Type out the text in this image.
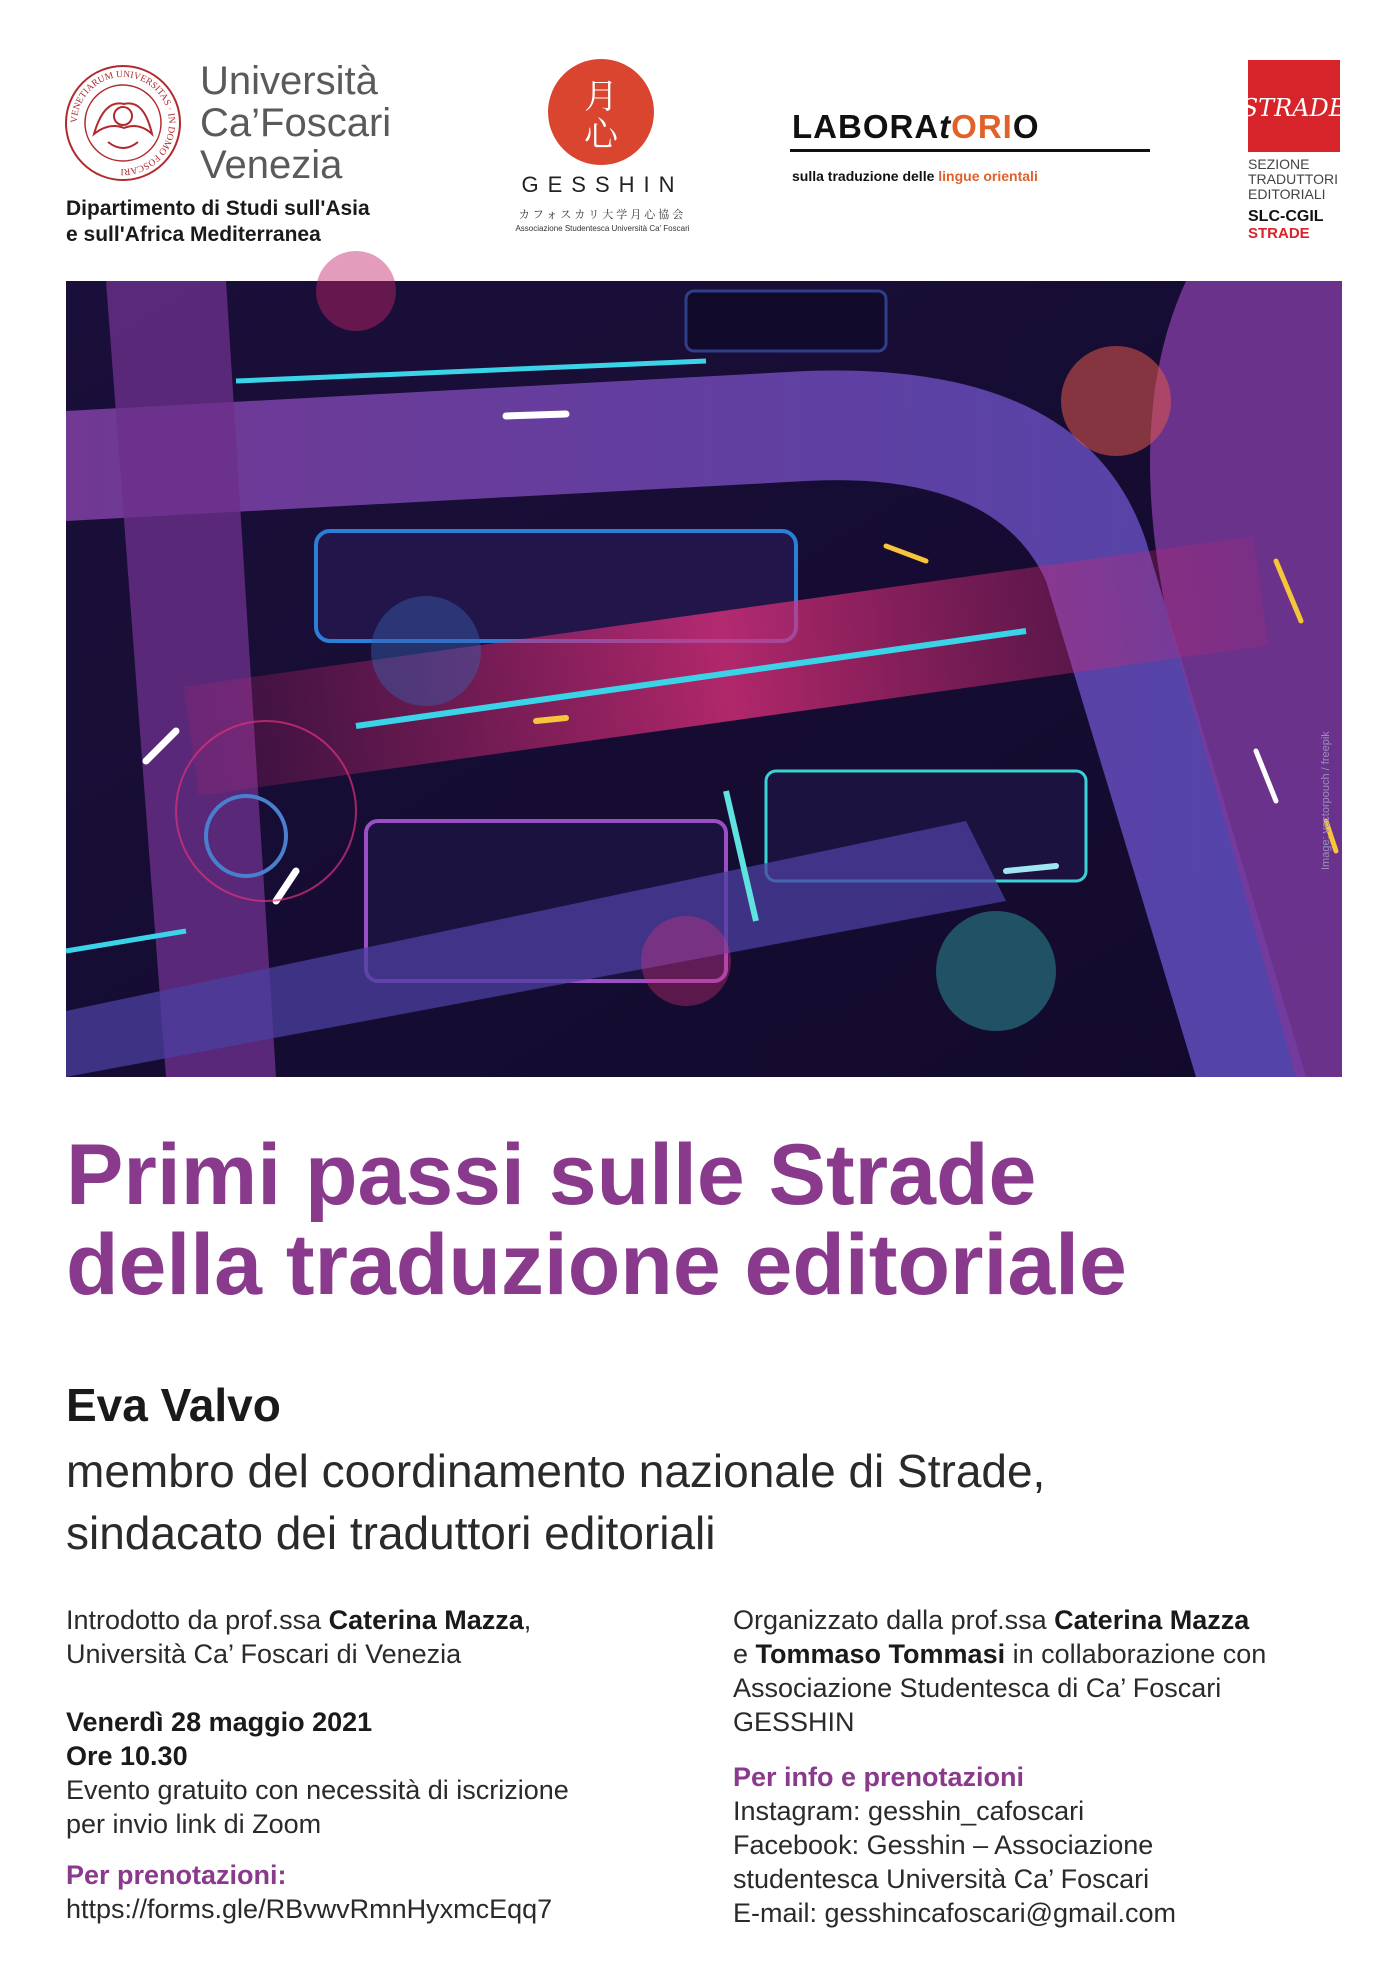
VENETIARUM UNIVERSITAS · IN DOMO FOSCARI
Università
Ca’Foscari
Venezia
Dipartimento di Studi sull'Asia
e sull'Africa Mediterranea
月
心
GESSHIN
カフォスカリ大学月心協会
Associazione Studentesca Università Ca' Foscari
LABORAtORIO
sulla traduzione delle lingue orientali
STRADE
SEZIONE
TRADUTTORI
EDITORIALI
SLC-CGIL
STRADE
Image: vectorpouch / freepik
Primi passi sulle Strade
della traduzione editoriale
Eva Valvo
membro del coordinamento nazionale di Strade,
sindacato dei traduttori editoriali
Introdotto da prof.ssa Caterina Mazza,
Università Ca’ Foscari di Venezia
Venerdì 28 maggio 2021
Ore 10.30
Evento gratuito con necessità di iscrizione
per invio link di Zoom
Per prenotazioni:
https://forms.gle/RBvwvRmnHyxmcEqq7
Organizzato dalla prof.ssa Caterina Mazza
e Tommaso Tommasi in collaborazione con
Associazione Studentesca di Ca’ Foscari
GESSHIN
Per info e prenotazioni
Instagram: gesshin_cafoscari
Facebook: Gesshin – Associazione
studentesca Università Ca’ Foscari
E-mail: gesshincafoscari@gmail.com
